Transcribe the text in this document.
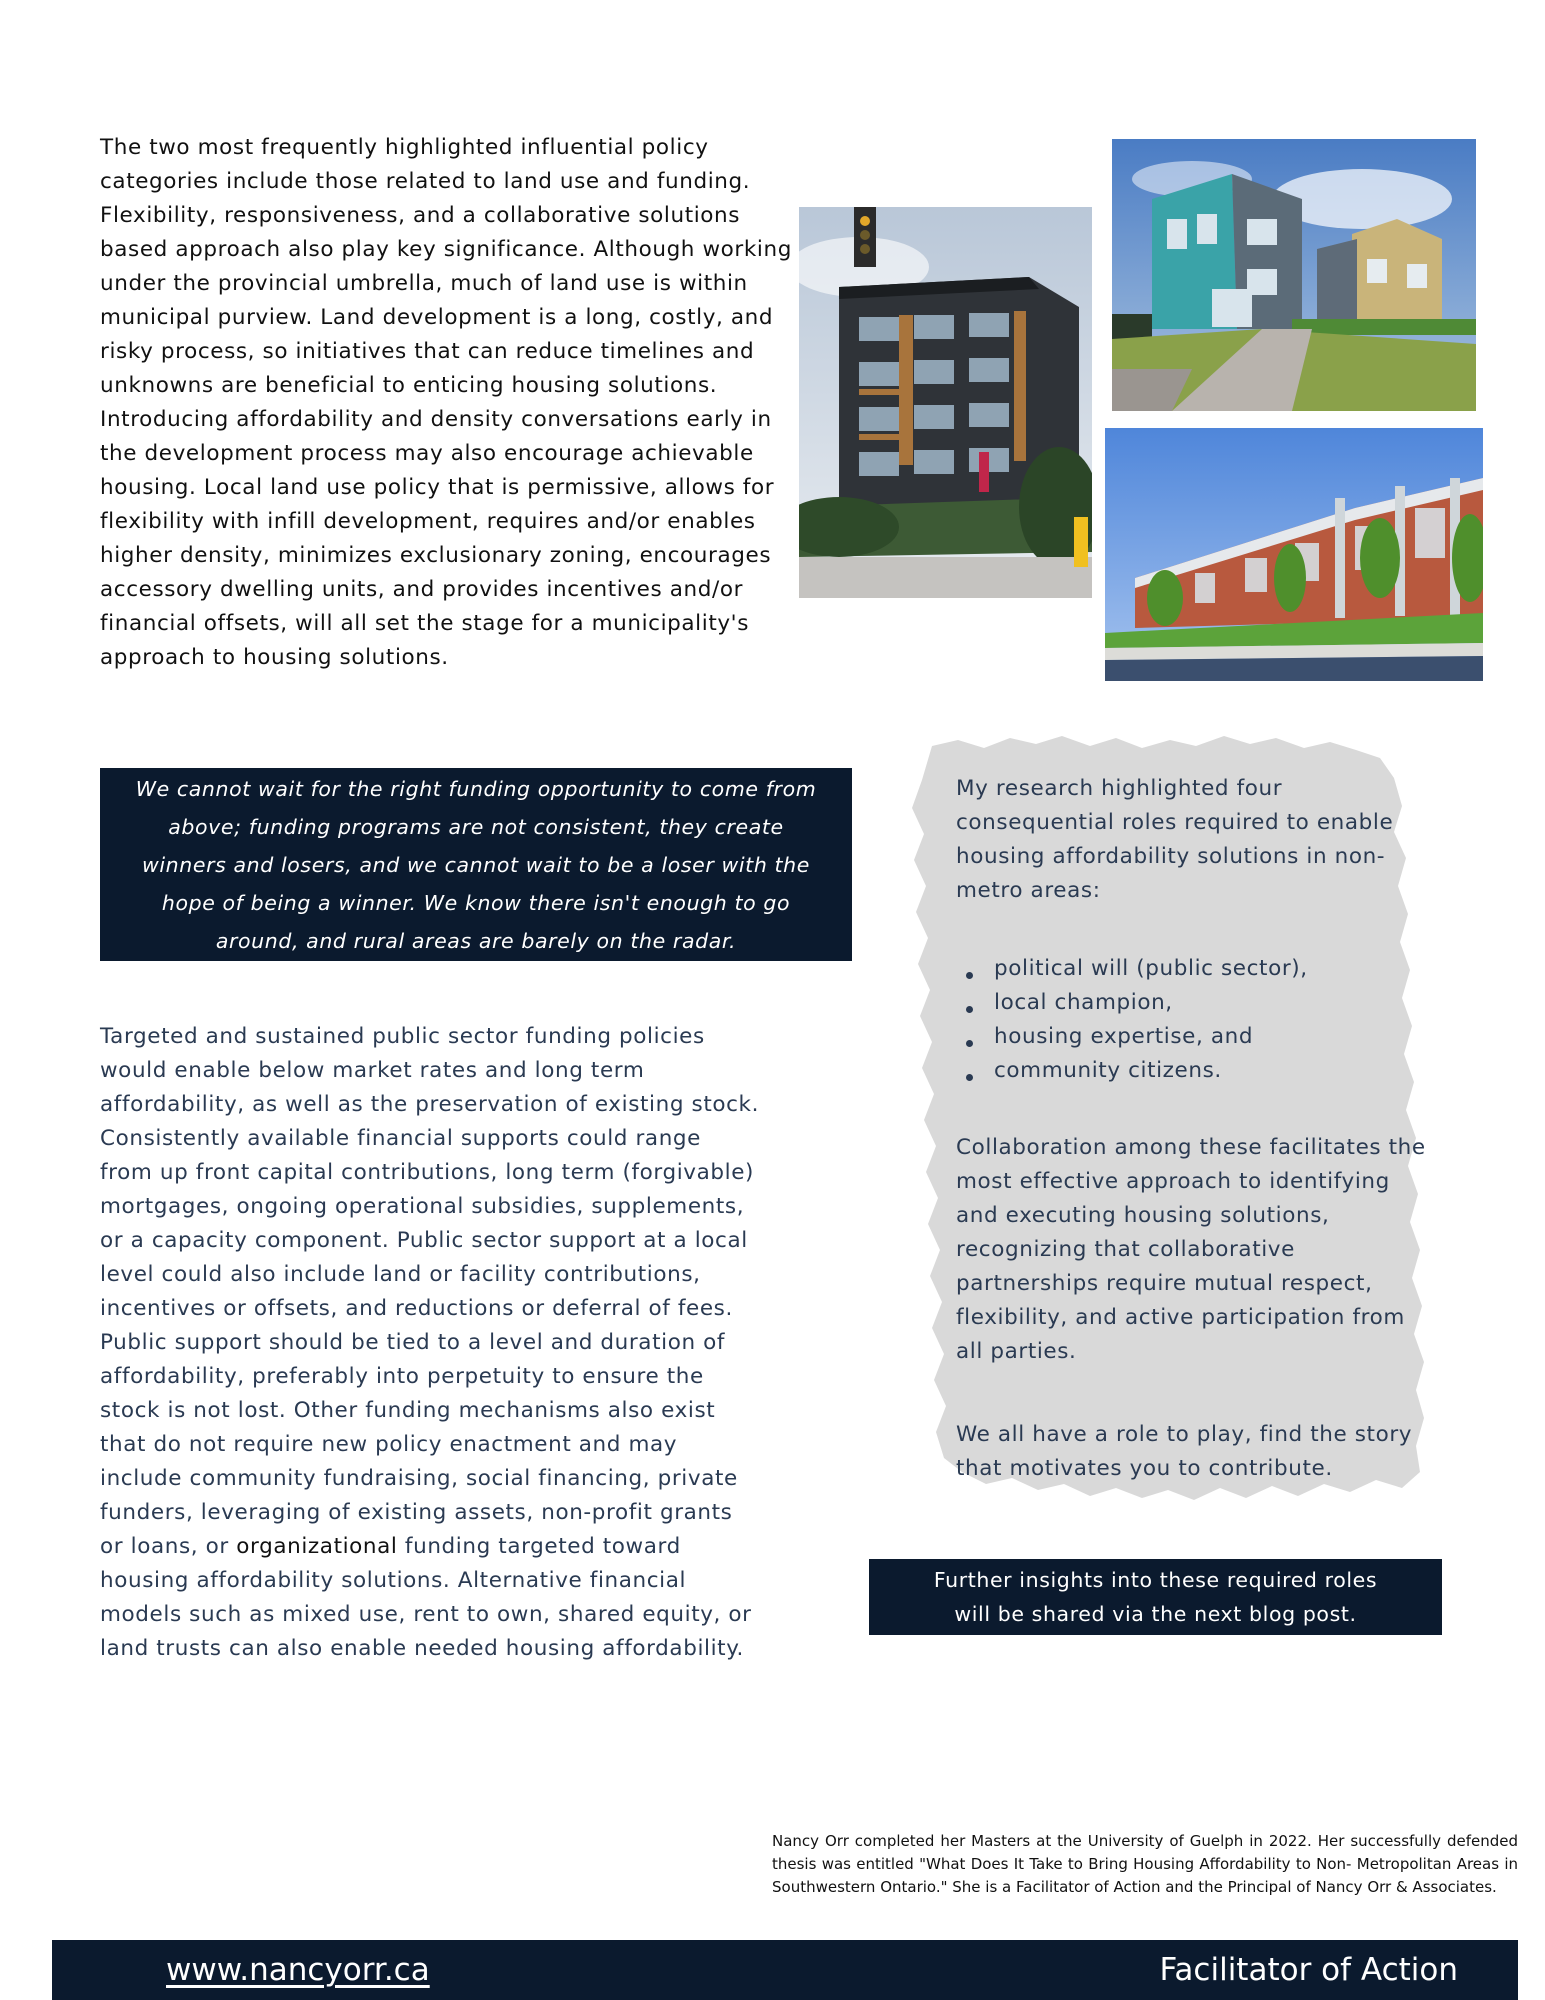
The two most frequently highlighted influential policy categories include those related to land use and funding. Flexibility, responsiveness, and a collaborative solutions based approach also play key significance. Although working under the provincial umbrella, much of land use is within municipal purview. Land development is a long, costly, and risky process, so initiatives that can reduce timelines and unknowns are beneficial to enticing housing solutions. Introducing affordability and density conversations early in the development process may also encourage achievable housing. Local land use policy that is permissive, allows for flexibility with infill development, requires and/or enables higher density, minimizes exclusionary zoning, encourages accessory dwelling units, and provides incentives and/or financial offsets, will all set the stage for a municipality's approach to housing solutions.

We cannot wait for the right funding opportunity to come from above; funding programs are not consistent, they create winners and losers, and we cannot wait to be a loser with the hope of being a winner. We know there isn't enough to go around, and rural areas are barely on the radar.

Targeted and sustained public sector funding policies would enable below market rates and long term affordability, as well as the preservation of existing stock. Consistently available financial supports could range from up front capital contributions, long term (forgivable) mortgages, ongoing operational subsidies, supplements, or a capacity component. Public sector support at a local level could also include land or facility contributions, incentives or offsets, and reductions or deferral of fees. Public support should be tied to a level and duration of affordability, preferably into perpetuity to ensure the stock is not lost. Other funding mechanisms also exist that do not require new policy enactment and may include community fundraising, social financing, private funders, leveraging of existing assets, non-profit grants or loans, or organizational funding targeted toward housing affordability solutions. Alternative financial models such as mixed use, rent to own, shared equity, or land trusts can also enable needed housing affordability.

My research highlighted four consequential roles required to enable housing affordability solutions in non-metro areas:

political will (public sector),
local champion,
housing expertise, and
community citizens.

Collaboration among these facilitates the most effective approach to identifying and executing housing solutions, recognizing that collaborative partnerships require mutual respect, flexibility, and active participation from all parties.

We all have a role to play, find the story that motivates you to contribute.

Further insights into these required roles will be shared via the next blog post.

Nancy Orr completed her Masters at the University of Guelph in 2022. Her successfully defended thesis was entitled "What Does It Take to Bring Housing Affordability to Non- Metropolitan Areas in Southwestern Ontario." She is a Facilitator of Action and the Principal of Nancy Orr & Associates.

www.nancyorr.ca	Facilitator of Action
